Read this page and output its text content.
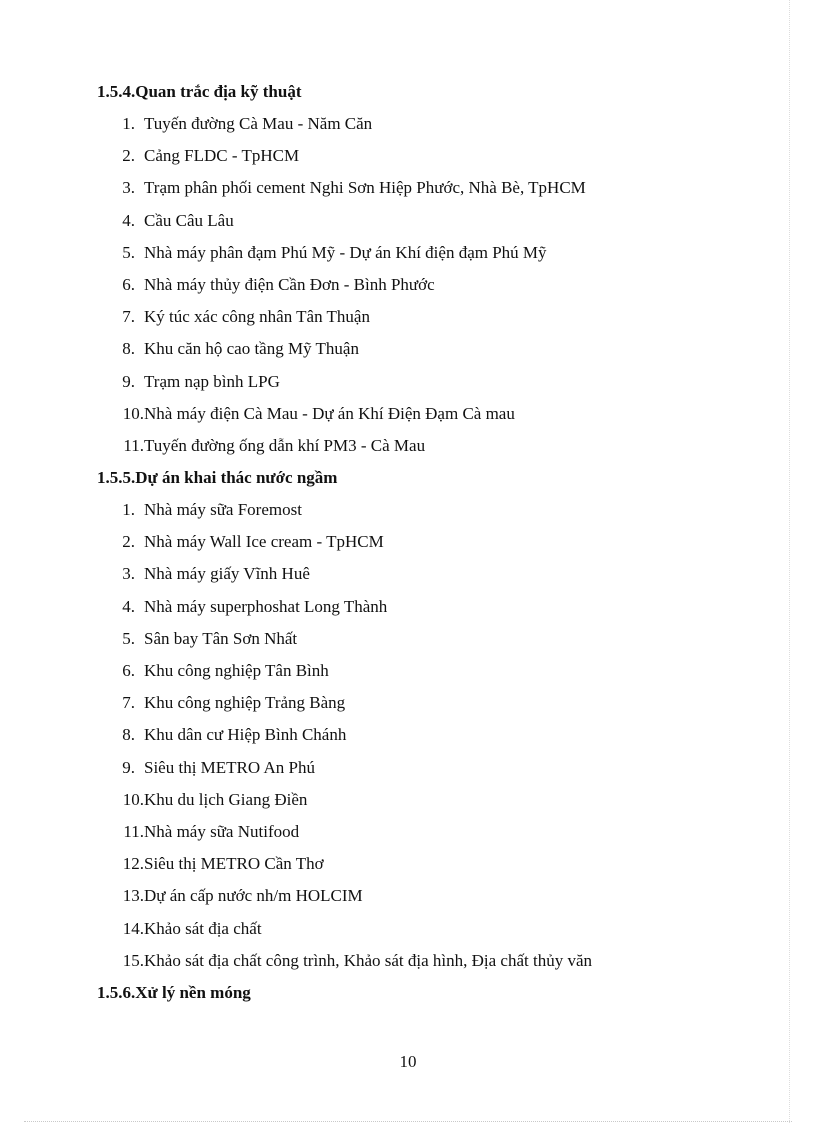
1.5.4.Quan trắc địa kỹ thuật
1. Tuyến đường Cà Mau - Năm Căn
2. Cảng FLDC - TpHCM
3. Trạm phân phối cement Nghi Sơn Hiệp Phước, Nhà Bè, TpHCM
4. Cầu Câu Lâu
5. Nhà máy phân đạm Phú Mỹ - Dự án Khí điện đạm Phú Mỹ
6. Nhà máy thủy điện Cần Đơn - Bình Phước
7. Ký túc xác công nhân Tân Thuận
8. Khu căn hộ cao tầng Mỹ Thuận
9. Trạm nạp bình LPG
10. Nhà máy điện Cà Mau - Dự án Khí Điện Đạm Cà mau
11. Tuyến đường ống dẫn khí PM3 - Cà Mau
1.5.5.Dự án khai thác nước ngầm
1. Nhà máy sữa Foremost
2. Nhà máy Wall Ice cream - TpHCM
3. Nhà máy giấy Vĩnh Huê
4. Nhà máy superphoshat Long Thành
5. Sân bay Tân Sơn Nhất
6. Khu công nghiệp Tân Bình
7. Khu công nghiệp Trảng Bàng
8. Khu dân cư Hiệp Bình Chánh
9. Siêu thị METRO An Phú
10. Khu du lịch Giang Điền
11. Nhà máy sữa Nutifood
12. Siêu thị METRO Cần Thơ
13. Dự án cấp nước nh/m HOLCIM
14. Khảo sát địa chất
15. Khảo sát địa chất công trình, Khảo sát địa hình, Địa chất thủy văn
1.5.6.Xử lý nền móng
10
